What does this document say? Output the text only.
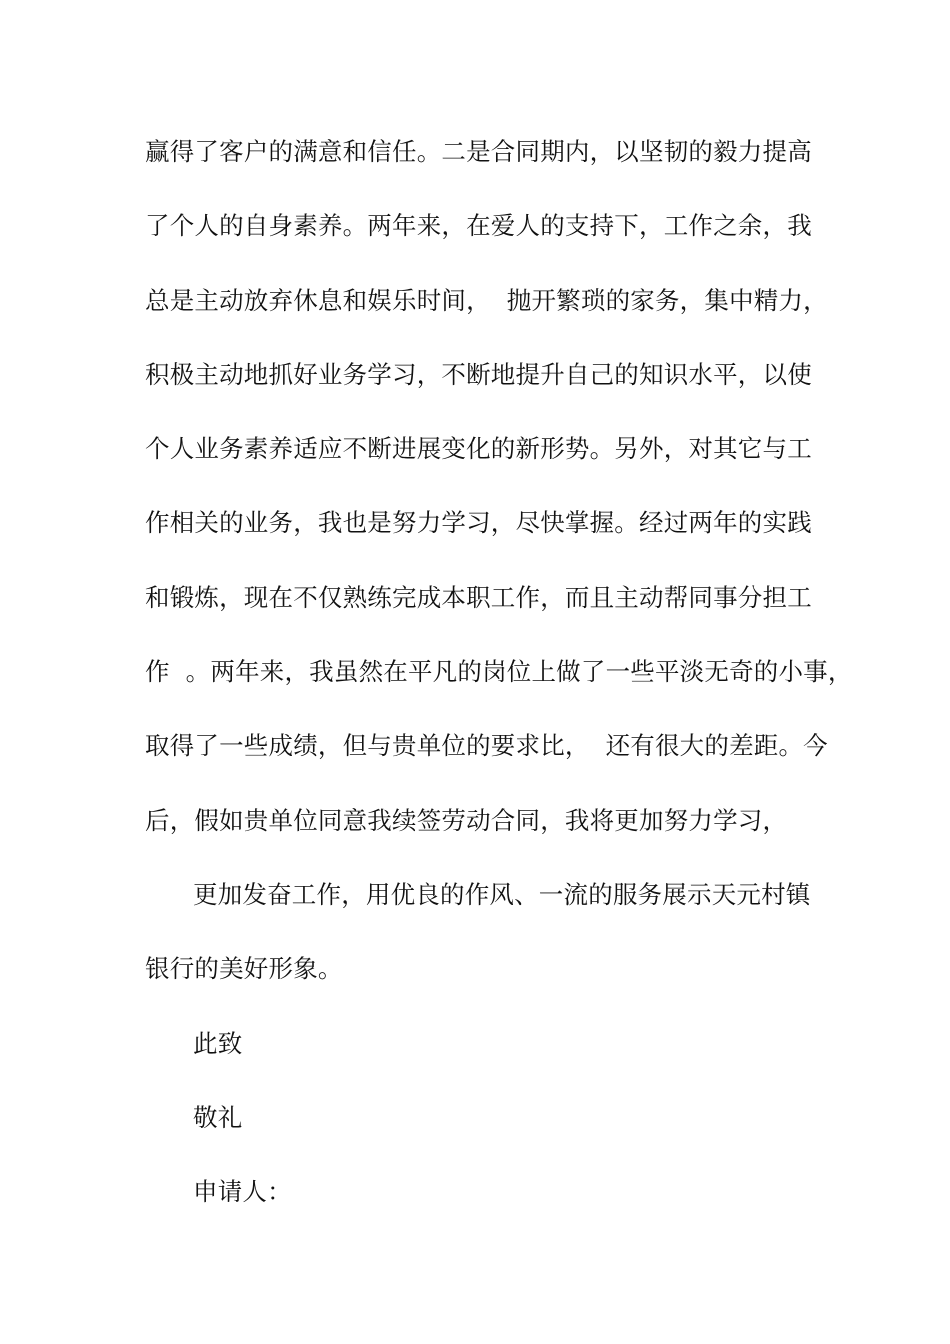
赢得了客户的满意和信任。二是合同期内，以坚韧的毅力提高
了个人的自身素养。两年来，在爱人的支持下，工作之余，我
总是主动放弃休息和娱乐时间，  抛开繁琐的家务，集中精力，
积极主动地抓好业务学习，不断地提升自己的知识水平，以使
个人业务素养适应不断进展变化的新形势。另外，对其它与工
作相关的业务，我也是努力学习，尽快掌握。经过两年的实践
和锻炼，现在不仅熟练完成本职工作，而且主动帮同事分担工
作  。两年来，我虽然在平凡的岗位上做了一些平淡无奇的小事，
取得了一些成绩，但与贵单位的要求比，  还有很大的差距。今
后，假如贵单位同意我续签劳动合同，我将更加努力学习，
更加发奋工作，用优良的作风、一流的服务展示天元村镇
银行的美好形象。
此致
敬礼
申请人：
